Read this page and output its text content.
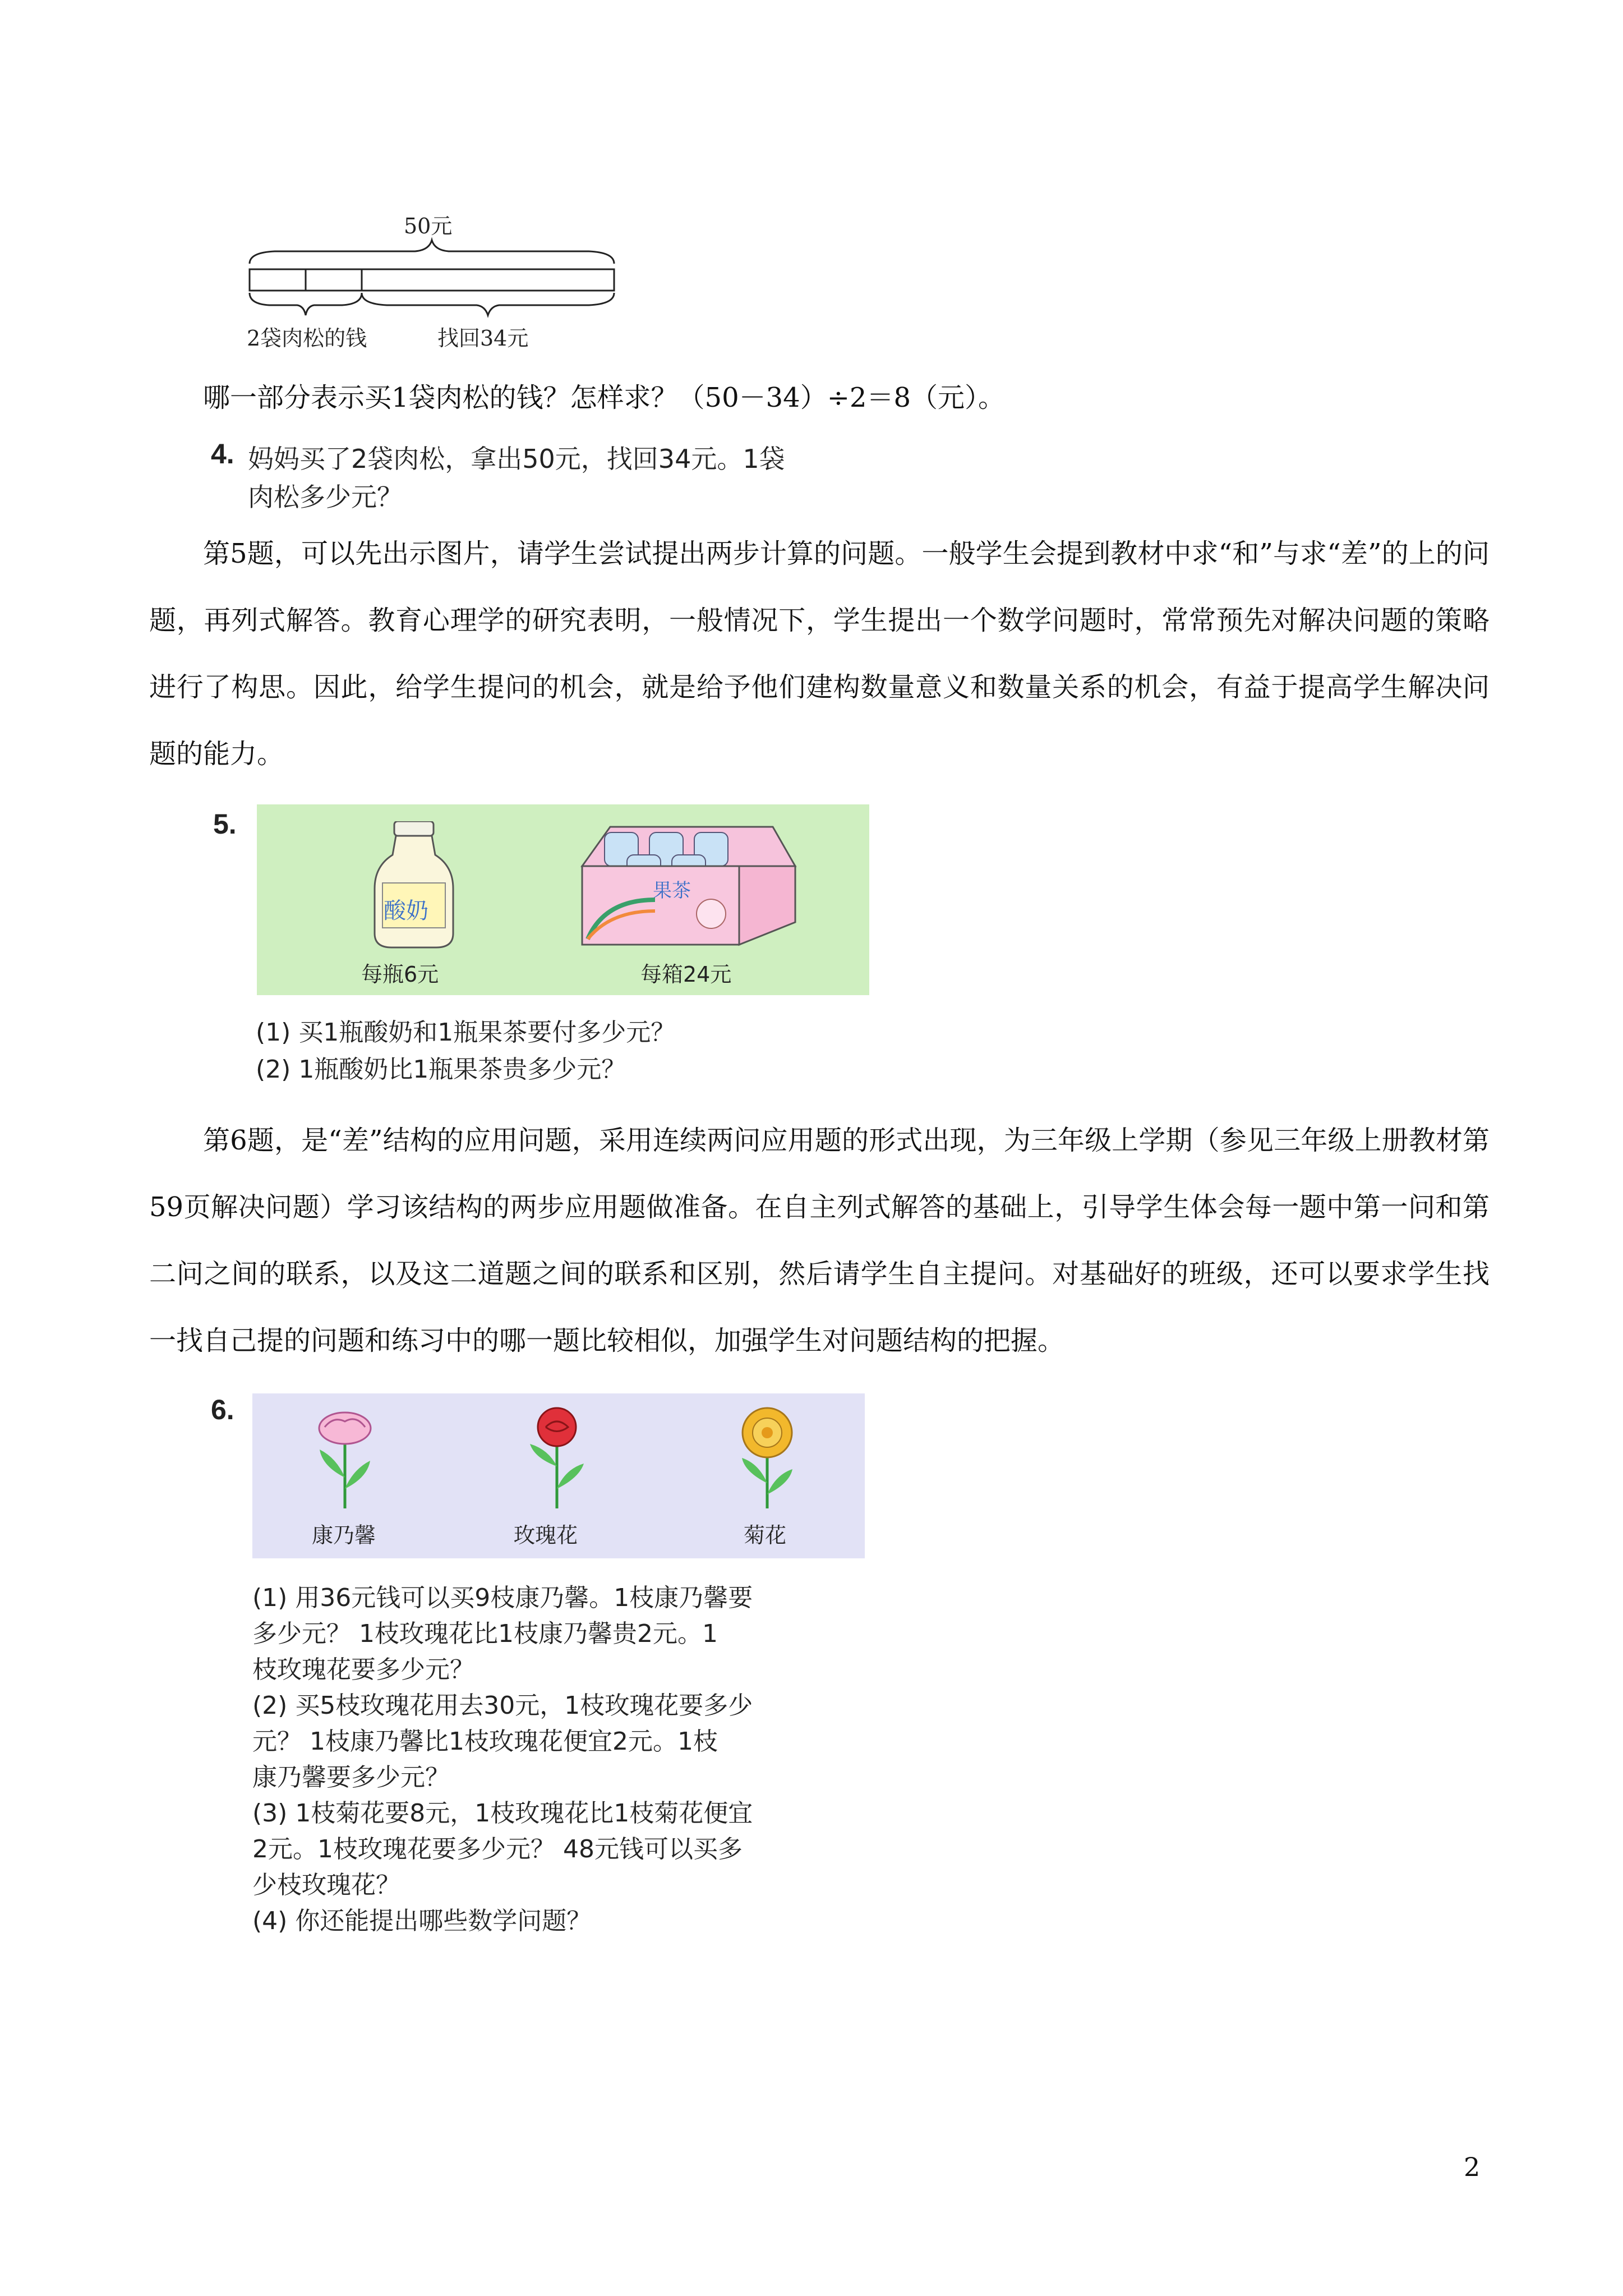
50元
2袋肉松的钱	找回34元
哪一部分表示买1袋肉松的钱？怎样求？（50－34）÷2＝8（元）。
4. 妈妈买了2袋肉松，拿出50元，找回34元。1袋
肉松多少元？

第5题，可以先出示图片，请学生尝试提出两步计算的问题。一般学生会提到教材中求“和”与求“差”的上的问题，再列式解答。教育心理学的研究表明，一般情况下，学生提出一个数学问题时，常常预先对解决问题的策略进行了构思。因此，给学生提问的机会，就是给予他们建构数量意义和数量关系的机会，有益于提高学生解决问题的能力。

5.
酸奶
每瓶6元
果茶
每箱24元
(1) 买1瓶酸奶和1瓶果茶要付多少元？
(2) 1瓶酸奶比1瓶果茶贵多少元？

第6题，是“差”结构的应用问题，采用连续两问应用题的形式出现，为三年级上学期（参见三年级上册教材第59页解决问题）学习该结构的两步应用题做准备。在自主列式解答的基础上，引导学生体会每一题中第一问和第二问之间的联系，以及这二道题之间的联系和区别，然后请学生自主提问。对基础好的班级，还可以要求学生找一找自己提的问题和练习中的哪一题比较相似，加强学生对问题结构的把握。

6.
康乃馨	玫瑰花	菊花
(1) 用36元钱可以买9枝康乃馨。1枝康乃馨要
多少元？ 1枝玫瑰花比1枝康乃馨贵2元。1
枝玫瑰花要多少元？
(2) 买5枝玫瑰花用去30元，1枝玫瑰花要多少
元？ 1枝康乃馨比1枝玫瑰花便宜2元。1枝
康乃馨要多少元？
(3) 1枝菊花要8元，1枝玫瑰花比1枝菊花便宜
2元。1枝玫瑰花要多少元？ 48元钱可以买多
少枝玫瑰花？
(4) 你还能提出哪些数学问题？
2
